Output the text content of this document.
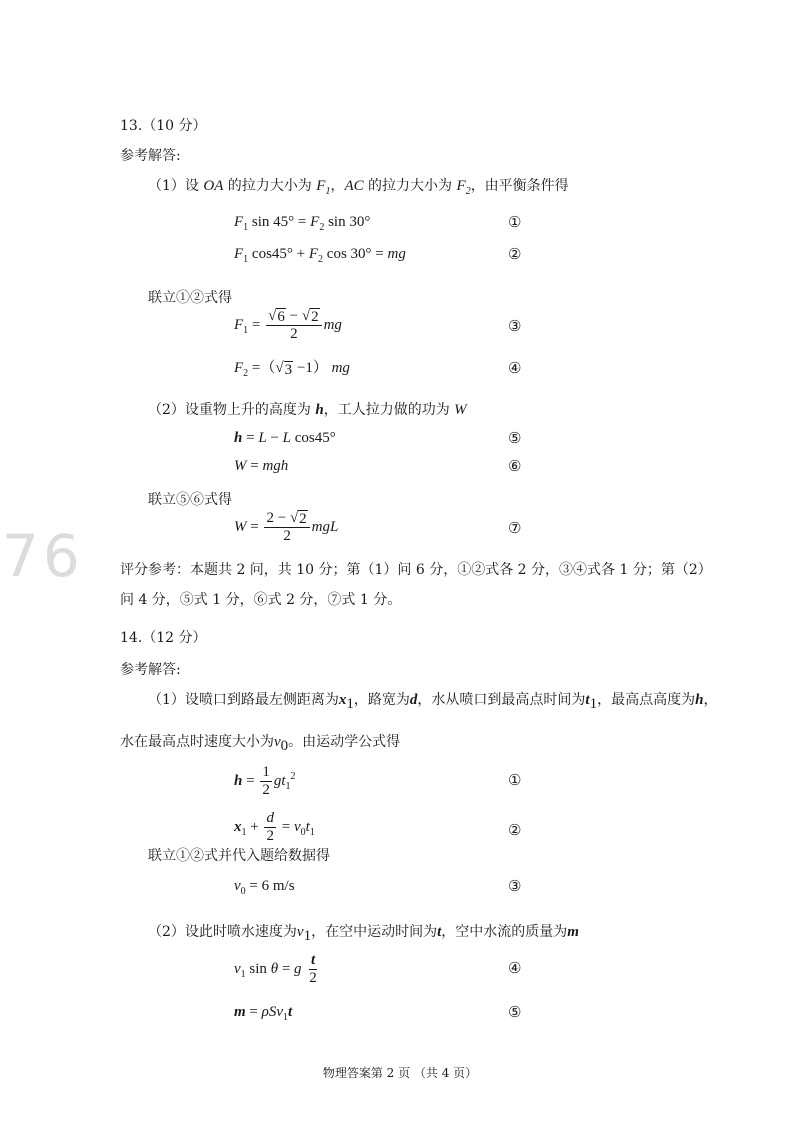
76
13.（10 分）
参考解答:
（1）设 OA 的拉力大小为 $F_1$，AC 的拉力大小为 $F_2$，由平衡条件得
$F_1$ $\sin 45^\circ = F_2$ sin 30°	①
$F_1$ $\cos 45^\circ + F_2$ cos 30° = mg	②
联立①②式得
$F_1 = \frac{√ 6 - √ 2}{2}$ mg	③
$F_2$ =（ √ 3 −1） mg	④
（2）设重物上升的高度为 h，工人拉力做的功为 W
h = L − L cos45°	⑤
W = mgh	⑥
联立⑤⑥式得
$W = \frac{2 - √ 2}{2}$ mgL	⑦
评分参考：本题共 2 问，共 10 分；第（1）问 6 分，①②式各 2 分，③④式各 1 分；第（2）
问 4 分，⑤式 1 分，⑥式 2 分，⑦式 1 分。
14.（12 分）
参考解答:
（1）设喷口到路最左侧距离为$x_1$，路宽为d，水从喷口到最高点时间为$t_1$，最高点高度为h，
水在最高点时速度大小为$v_0$。由运动学公式得
$h = \frac{1}{2} gt_1^2$	①
$x_1 + \frac{d}{2} = v_0t_1$	②
联立①②式并代入题给数据得
$v_0 = 6$ m/s	③
（2）设此时喷水速度为$v_1$，在空中运动时间为t，空中水流的质量为m
$v_1$ sin θ = g $\frac{t}{2}$	④
m = ρSv$_1$t	⑤
物理答案第 2 页 （共 4 页）
